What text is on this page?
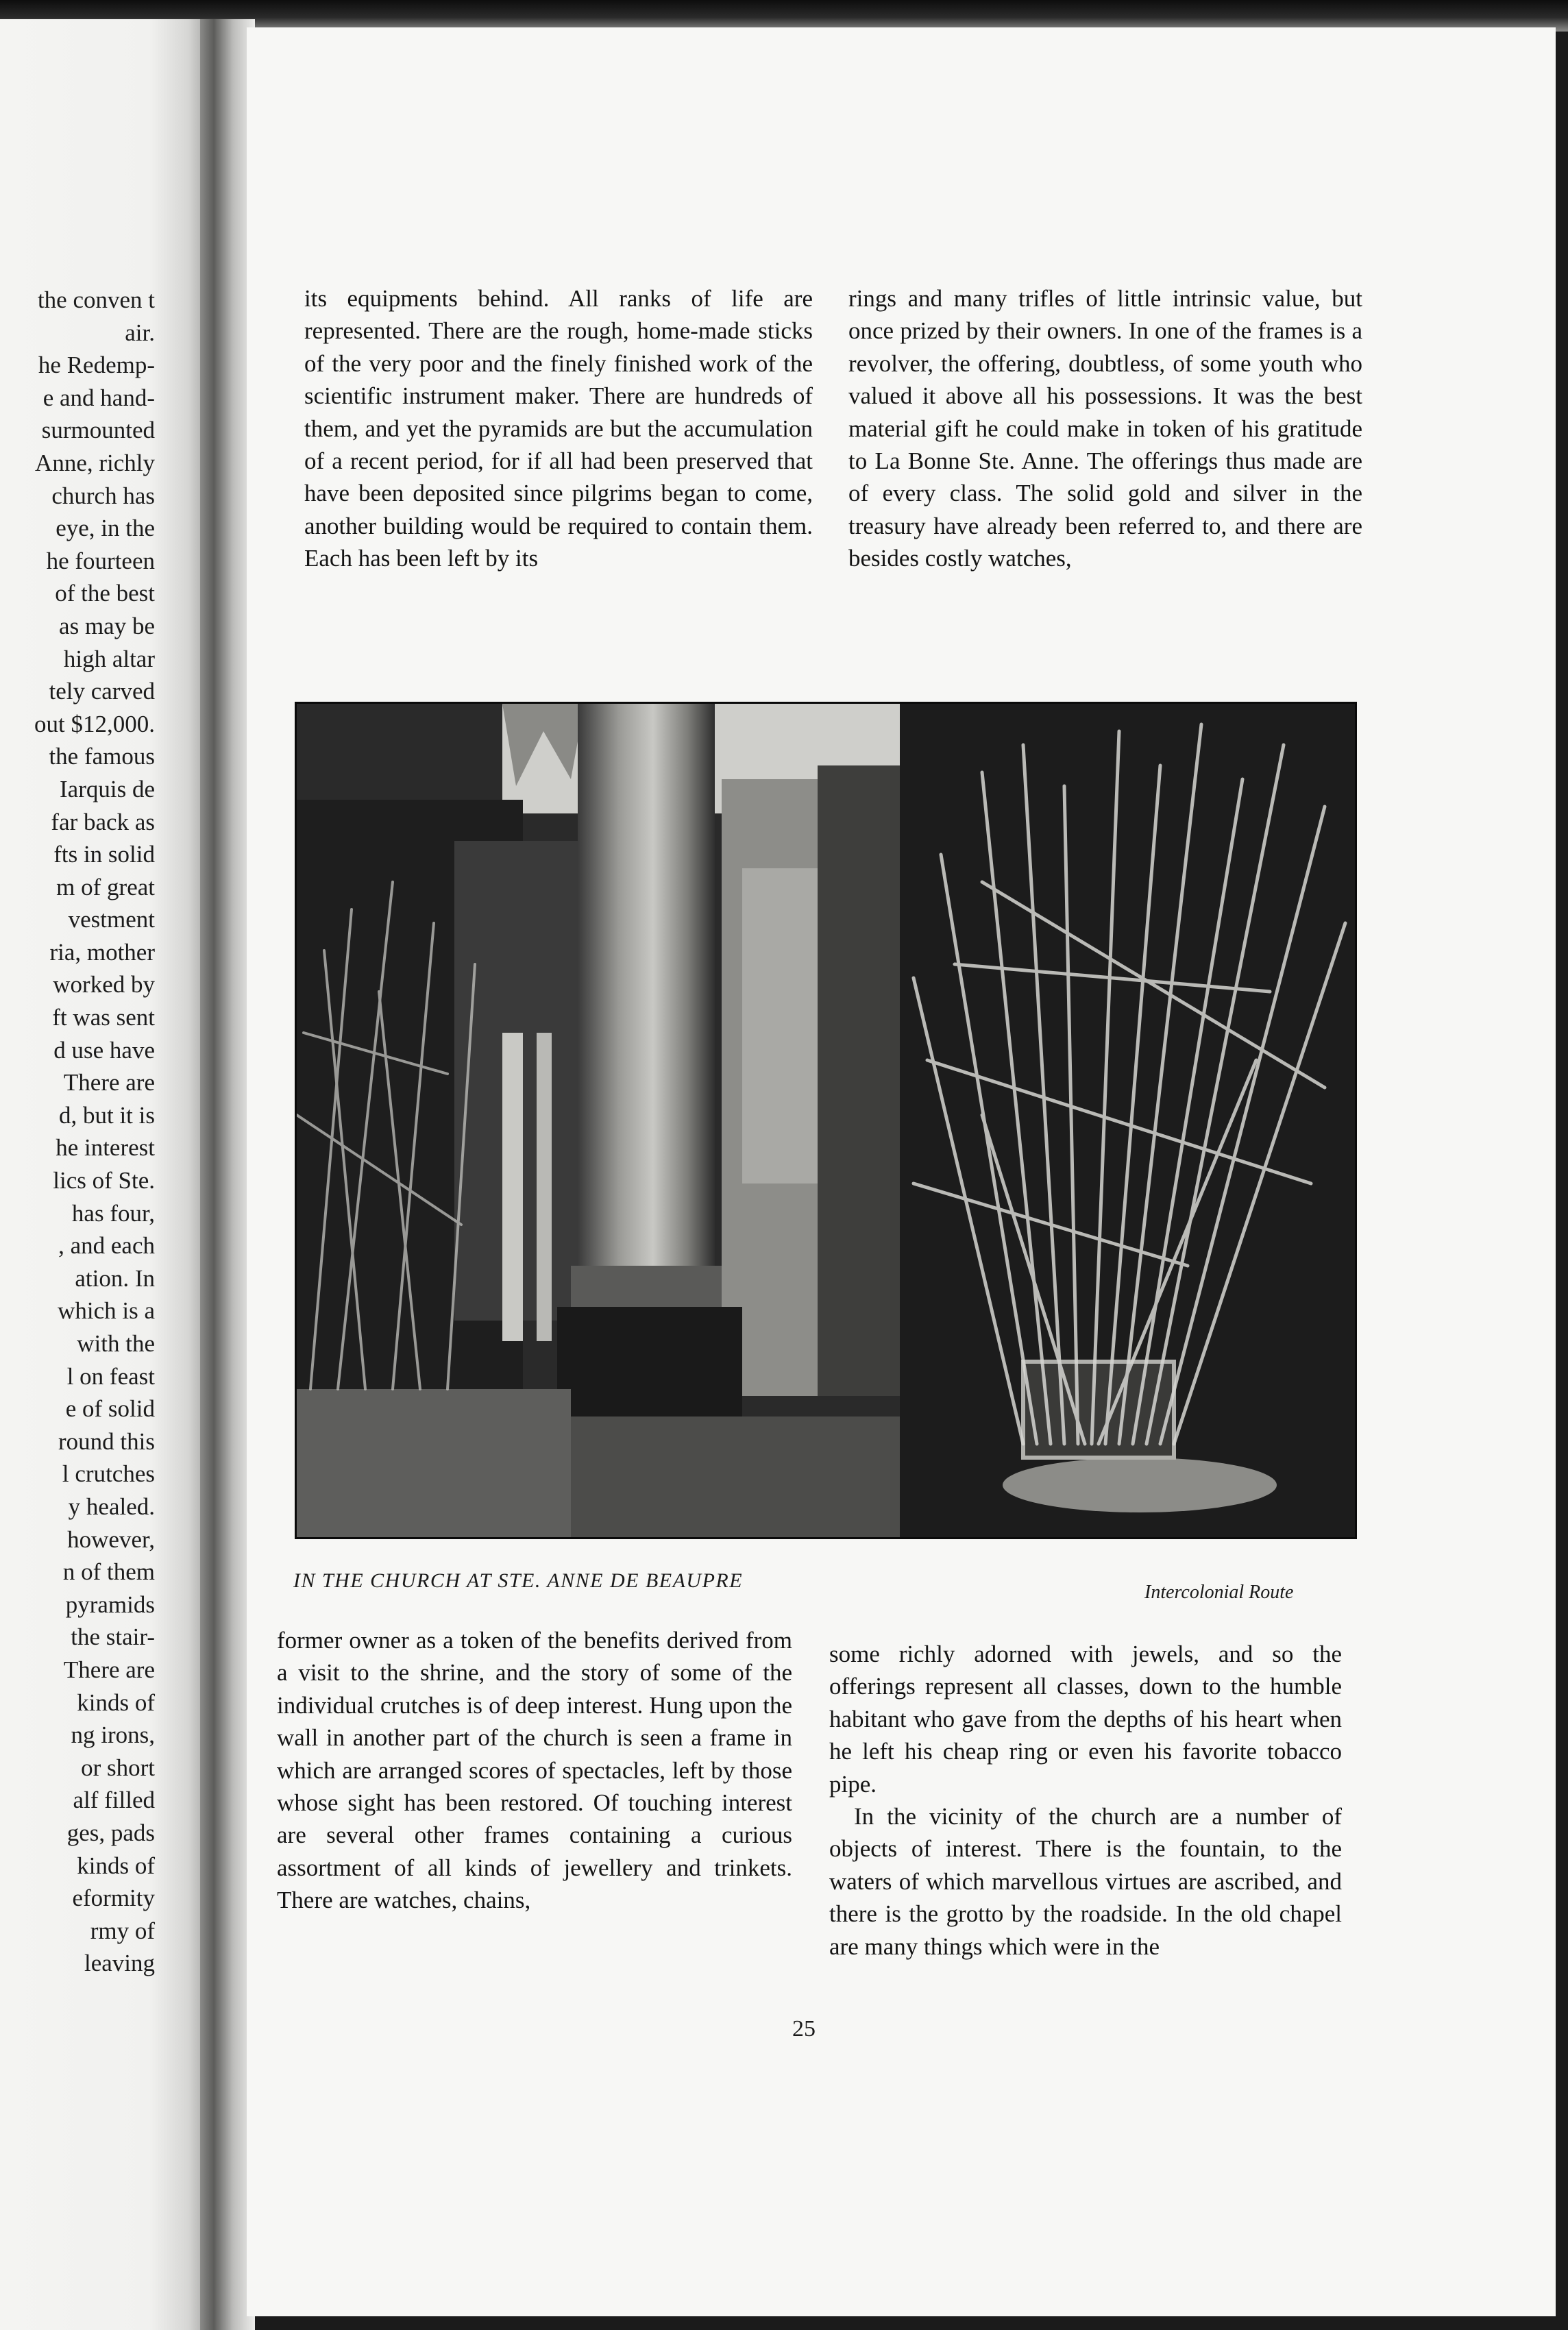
the conven t
air.
he Redemp-
e and hand-
surmounted
Anne, richly
church has
eye, in the
he fourteen
of the best
as may be
high altar
tely carved
out $12,000.
the famous
Iarquis de
far back as
fts in solid
m of great
vestment
ria, mother
worked by
ft was sent
d use have
There are
d, but it is
he interest
lics of Ste.
has four,
, and each
ation. In
which is a
with the
l on feast
e of solid
round this
l crutches
y healed.
however,
n of them
pyramids
the stair-
There are
kinds of
ng irons,
or short
alf filled
ges, pads
kinds of
eformity
rmy of
leaving

its equipments behind. All ranks of life are represented. There are the rough, home-made sticks of the very poor and the finely finished work of the scientific instrument maker. There are hundreds of them, and yet the pyramids are but the accumulation of a recent period, for if all had been preserved that have been deposited since pilgrims began to come, another building would be required to contain them. Each has been left by its

rings and many trifles of little intrinsic value, but once prized by their owners. In one of the frames is a revolver, the offering, doubtless, of some youth who valued it above all his possessions. It was the best material gift he could make in token of his gratitude to La Bonne Ste. Anne. The offerings thus made are of every class. The solid gold and silver in the treasury have already been referred to, and there are besides costly watches,

IN THE CHURCH AT STE. ANNE DE BEAUPRE
Intercolonial Route

former owner as a token of the benefits derived from a visit to the shrine, and the story of some of the individual crutches is of deep interest. Hung upon the wall in another part of the church is seen a frame in which are arranged scores of spectacles, left by those whose sight has been restored. Of touching interest are several other frames containing a curious assortment of all kinds of jewellery and trinkets. There are watches, chains,

some richly adorned with jewels, and so the offerings represent all classes, down to the humble habitant who gave from the depths of his heart when he left his cheap ring or even his favorite tobacco pipe.

In the vicinity of the church are a number of objects of interest. There is the fountain, to the waters of which marvellous virtues are ascribed, and there is the grotto by the roadside. In the old chapel are many things which were in the

25
